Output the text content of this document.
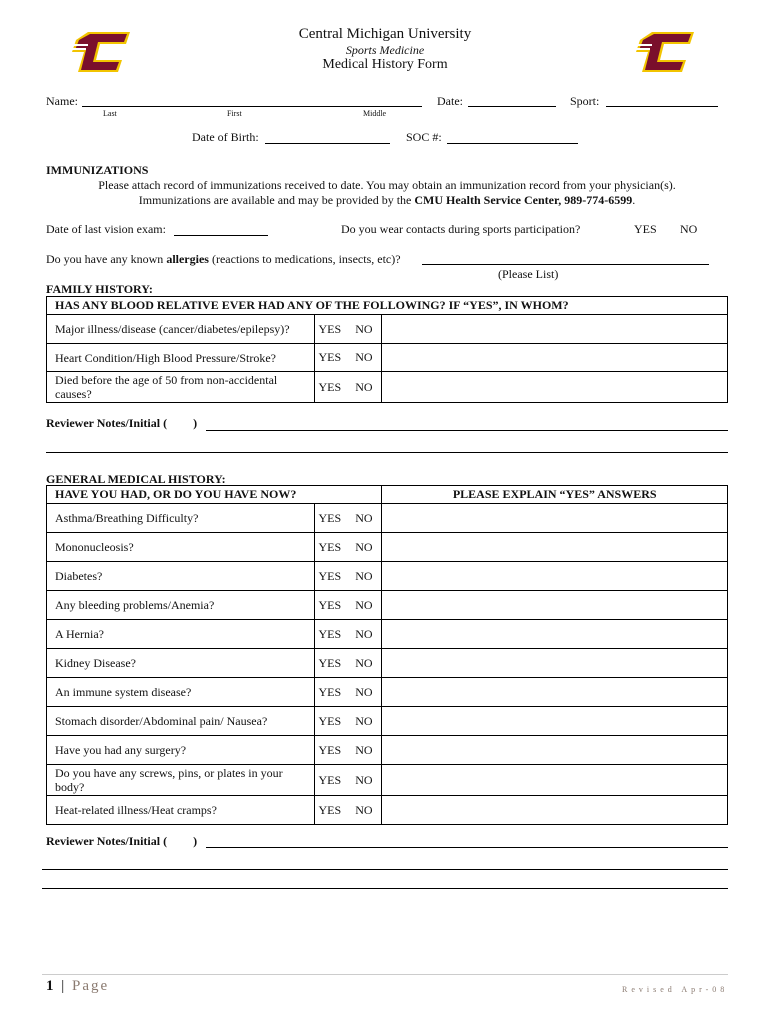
Central Michigan University
Sports Medicine
Medical History Form
Name:
Last	First	Middle
Date:	Sport:
Date of Birth:	SOC #:
IMMUNIZATIONS
Please attach record of immunizations received to date. You may obtain an immunization record from your physician(s).
Immunizations are available and may be provided by the CMU Health Service Center, 989-774-6599.
Date of last vision exam:	Do you wear contacts during sports participation?	YES NO
Do you have any known allergies (reactions to medications, insects, etc)?
(Please List)
FAMILY HISTORY:
HAS ANY BLOOD RELATIVE EVER HAD ANY OF THE FOLLOWING? IF “YES”, IN WHOM?		
Major illness/disease (cancer/diabetes/epilepsy)?	YES NO	
Heart Condition/High Blood Pressure/Stroke?	YES NO	
Died before the age of 50 from non-accidental causes?	YES NO	
Reviewer Notes/Initial ( )
GENERAL MEDICAL HISTORY:
HAVE YOU HAD, OR DO YOU HAVE NOW?		PLEASE EXPLAIN “YES” ANSWERS
Asthma/Breathing Difficulty?	YES NO	
Mononucleosis?	YES NO	
Diabetes?	YES NO	
Any bleeding problems/Anemia?	YES NO	
A Hernia?	YES NO	
Kidney Disease?	YES NO	
An immune system disease?	YES NO	
Stomach disorder/Abdominal pain/ Nausea?	YES NO	
Have you had any surgery?	YES NO	
Do you have any screws, pins, or plates in your body?	YES NO	
Heat-related illness/Heat cramps?	YES NO	
Reviewer Notes/Initial ( )
1 | Page	Revised Apr-08
